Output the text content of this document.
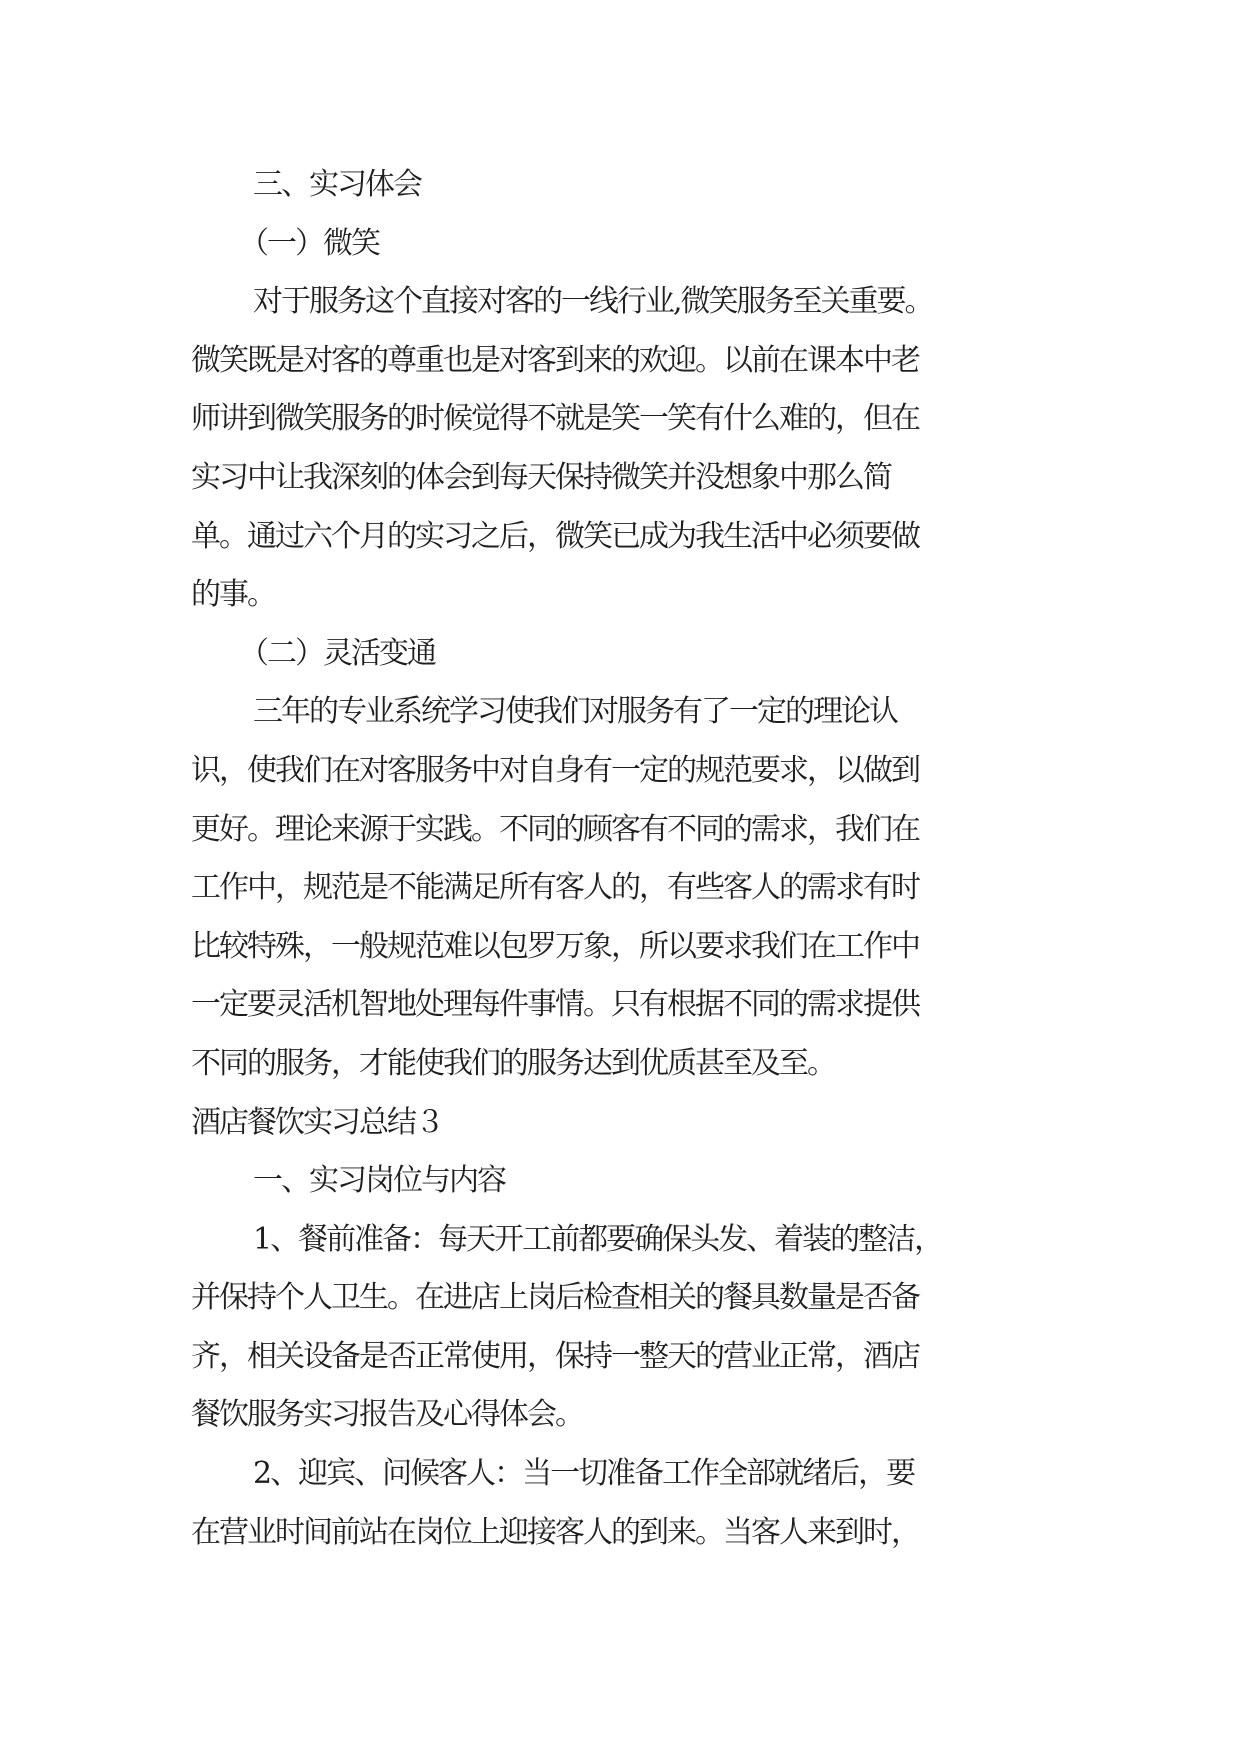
三、实习体会
（一）微笑
对于服务这个直接对客的一线行业,微笑服务至关重要。
微笑既是对客的尊重也是对客到来的欢迎。以前在课本中老
师讲到微笑服务的时候觉得不就是笑一笑有什么难的，但在
实习中让我深刻的体会到每天保持微笑并没想象中那么简
单。通过六个月的实习之后，微笑已成为我生活中必须要做
的事。
（二）灵活变通
三年的专业系统学习使我们对服务有了一定的理论认
识，使我们在对客服务中对自身有一定的规范要求，以做到
更好。理论来源于实践。不同的顾客有不同的需求，我们在
工作中，规范是不能满足所有客人的，有些客人的需求有时
比较特殊，一般规范难以包罗万象，所以要求我们在工作中
一定要灵活机智地处理每件事情。只有根据不同的需求提供
不同的服务，才能使我们的服务达到优质甚至及至。
酒店餐饮实习总结３
一、实习岗位与内容
1、餐前准备：每天开工前都要确保头发、着装的整洁，
并保持个人卫生。在进店上岗后检查相关的餐具数量是否备
齐，相关设备是否正常使用，保持一整天的营业正常，酒店
餐饮服务实习报告及心得体会。
2、迎宾、问候客人：当一切准备工作全部就绪后，要
在营业时间前站在岗位上迎接客人的到来。当客人来到时，
